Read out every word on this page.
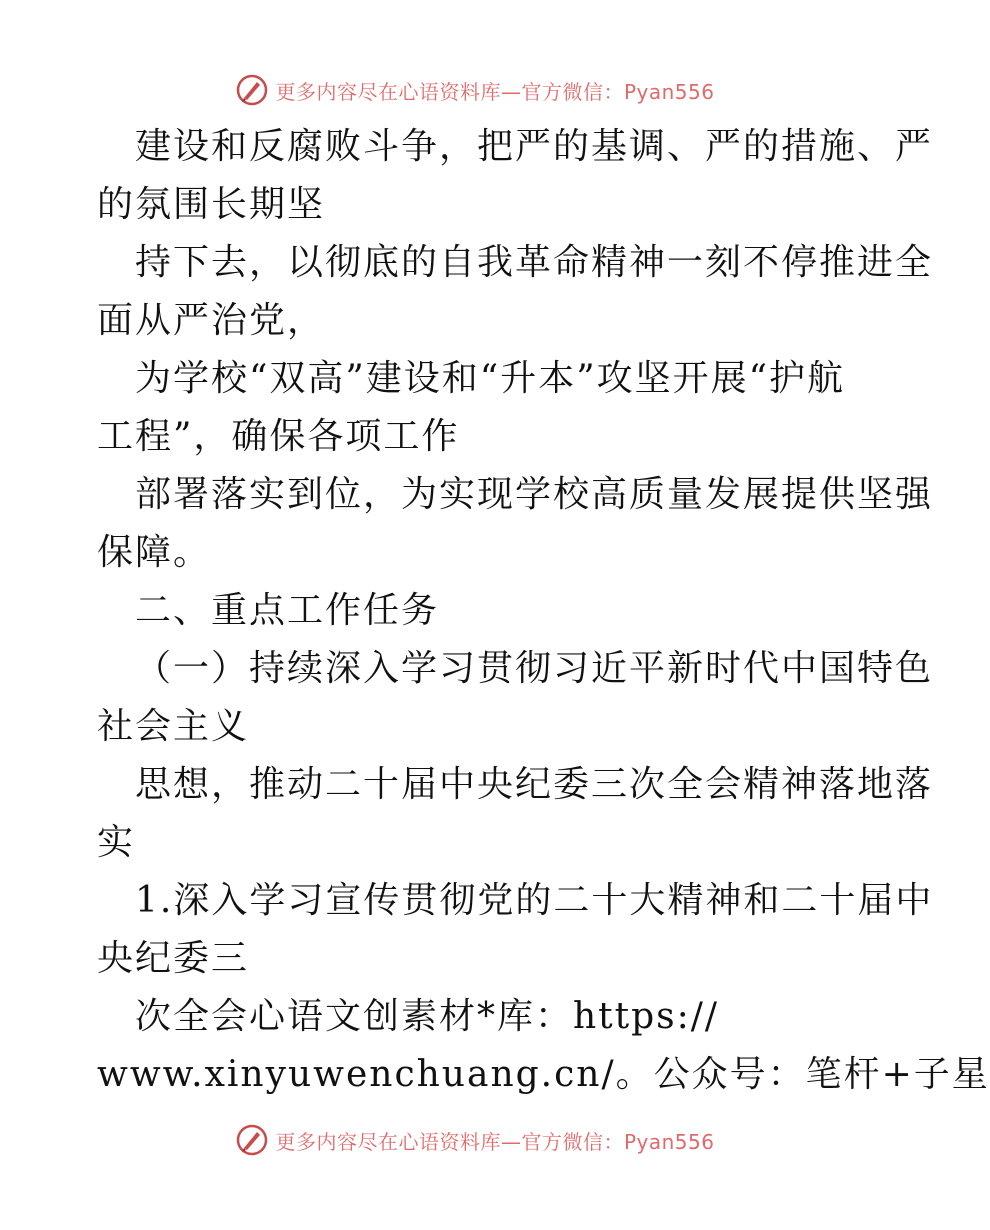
更多内容尽在心语资料库—官方微信：Pyan556
建设和反腐败斗争，把严的基调、严的措施、严
的氛围长期坚
持下去，以彻底的自我革命精神一刻不停推进全
面从严治党，
为学校“双高”建设和“升本”攻坚开展“护航
工程”，确保各项工作
部署落实到位，为实现学校高质量发展提供坚强
保障。
二、重点工作任务
（一）持续深入学习贯彻习近平新时代中国特色
社会主义
思想，推动二十届中央纪委三次全会精神落地落
实
1.深入学习宣传贯彻党的二十大精神和二十届中
央纪委三
次全会心语文创素材*库：https://
www.xinyuwenchuang.cn/。公众号：笔杆+子星
更多内容尽在心语资料库—官方微信：Pyan556
